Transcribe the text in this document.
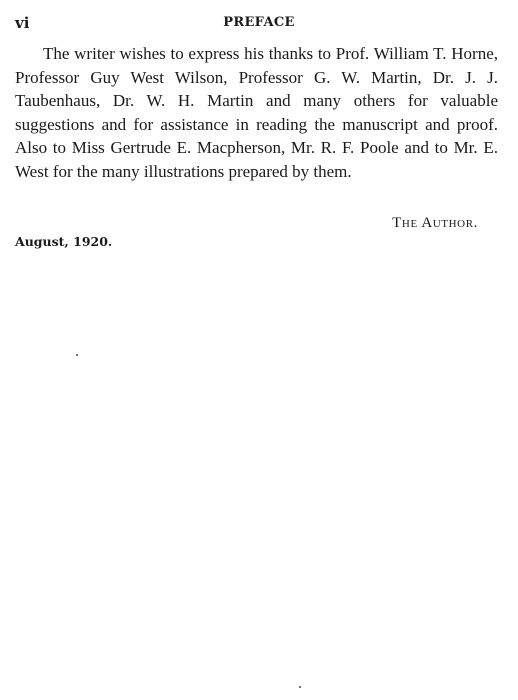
vi	PREFACE

The writer wishes to express his thanks to Prof. William T. Horne, Professor Guy West Wilson, Professor G. W. Martin, Dr. J. J. Taubenhaus, Dr. W. H. Martin and many others for valuable suggestions and for assistance in reading the manuscript and proof. Also to Miss Gertrude E. Macpherson, Mr. R. F. Poole and to Mr. E. West for the many illustrations prepared by them.

The Author.
August, 1920.
